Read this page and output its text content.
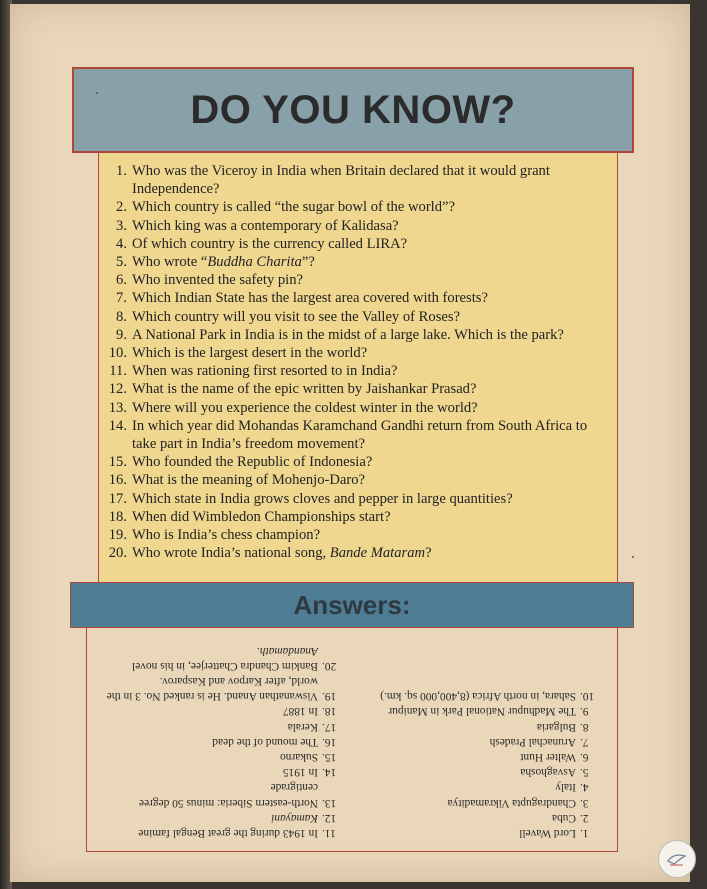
DO YOU KNOW?
1. Who was the Viceroy in India when Britain declared that it would grant Independence?
2. Which country is called “the sugar bowl of the world”?
3. Which king was a contemporary of Kalidasa?
4. Of which country is the currency called LIRA?
5. Who wrote “Buddha Charita”?
6. Who invented the safety pin?
7. Which Indian State has the largest area covered with forests?
8. Which country will you visit to see the Valley of Roses?
9. A National Park in India is in the midst of a large lake. Which is the park?
10. Which is the largest desert in the world?
11. When was rationing first resorted to in India?
12. What is the name of the epic written by Jaishankar Prasad?
13. Where will you experience the coldest winter in the world?
14. In which year did Mohandas Karamchand Gandhi return from South Africa to take part in India’s freedom movement?
15. Who founded the Republic of Indonesia?
16. What is the meaning of Mohenjo-Daro?
17. Which state in India grows cloves and pepper in large quantities?
18. When did Wimbledon Championships start?
19. Who is India’s chess champion?
20. Who wrote India’s national song, Bande Mataram?
Answers:
1.
Lord Wavell
2.
Cuba
3.
Chandragupta Vikramaditya
4.
Italy
5.
Asvaghosha
6.
Walter Hunt
7.
Arunachal Pradesh
8.
Bulgaria
9.
The Madhupur National Park in Manipur
10.
Sahara, in north Africa (8,400,000 sq. km.)
11.
In 1943 during the great Bengal famine
12.
Kamayani
13.
North-eastern Siberia: minus 50 degree centigrade
14.
In 1915
15.
Sukarno
16.
The mound of the dead
17.
Kerala
18.
In 1887
19.
Viswanathan Anand. He is ranked No. 3 in the world, after Karpov and Kasparov.
20.
Bankim Chandra Chatterjee, in his novel Anandamath.
